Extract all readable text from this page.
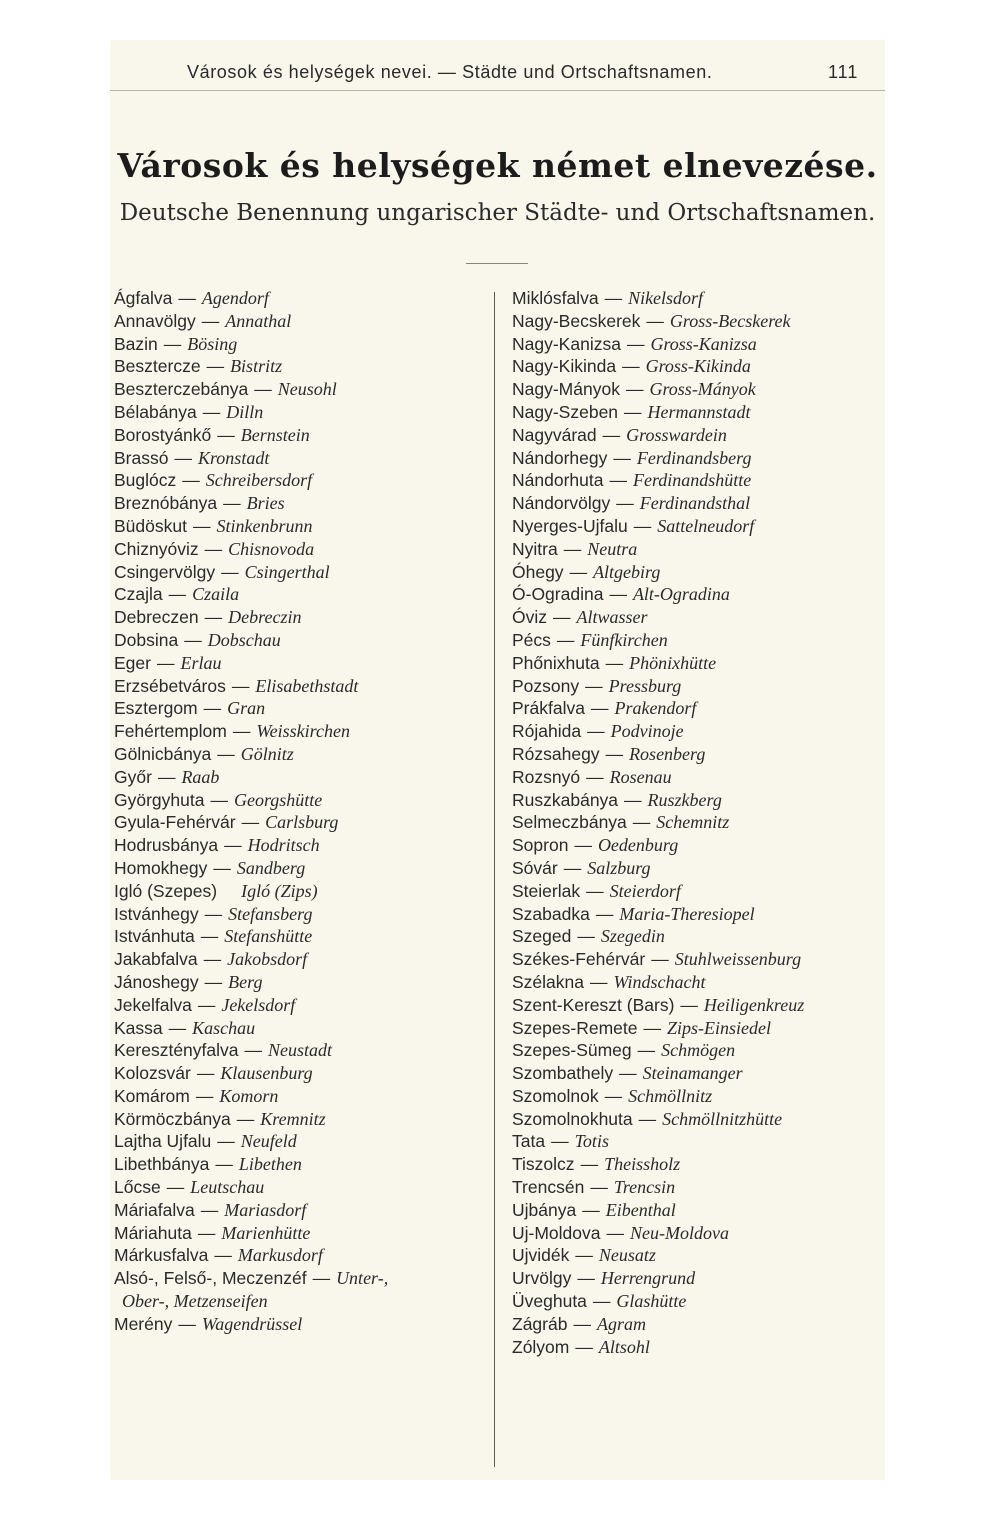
Városok és helységek nevei. — Städte und Ortschaftsnamen.	111
Városok és helységek német elnevezése.
Deutsche Benennung ungarischer Städte- und Ortschaftsnamen.
Ágfalva — Agendorf
Annavölgy — Annathal
Bazin — Bösing
Besztercze — Bistritz
Beszterczebánya — Neusohl
Bélabánya — Dilln
Borostyánkő — Bernstein
Brassó — Kronstadt
Buglócz — Schreibersdorf
Breznóbánya — Bries
Büdöskut — Stinkenbrunn
Chiznyóviz — Chisnovoda
Csingervölgy — Csingerthal
Czajla — Czaila
Debreczen — Debreczin
Dobsina — Dobschau
Eger — Erlau
Erzsébetváros — Elisabethstadt
Esztergom — Gran
Fehértemplom — Weisskirchen
Gölnicbánya — Gölnitz
Győr — Raab
Györgyhuta — Georgshütte
Gyula-Fehérvár — Carlsburg
Hodrusbánya — Hodritsch
Homokhegy — Sandberg
Igló (Szepes) Igló (Zips)
Istvánhegy — Stefansberg
Istvánhuta — Stefanshütte
Jakabfalva — Jakobsdorf
Jánoshegy — Berg
Jekelfalva — Jekelsdorf
Kassa — Kaschau
Keresztényfalva — Neustadt
Kolozsvár — Klausenburg
Komárom — Komorn
Körmöczbánya — Kremnitz
Lajtha Ujfalu — Neufeld
Libethbánya — Libethen
Lőcse — Leutschau
Máriafalva — Mariasdorf
Máriahuta — Marienhütte
Márkusfalva — Markusdorf
Alsó-, Felső-, Meczenzéf — Unter-,
Ober-, Metzenseifen
Merény — Wagendrüssel
Miklósfalva — Nikelsdorf
Nagy-Becskerek — Gross-Becskerek
Nagy-Kanizsa — Gross-Kanizsa
Nagy-Kikinda — Gross-Kikinda
Nagy-Mányok — Gross-Mányok
Nagy-Szeben — Hermannstadt
Nagyvárad — Grosswardein
Nándorhegy — Ferdinandsberg
Nándorhuta — Ferdinandshütte
Nándorvölgy — Ferdinandsthal
Nyerges-Ujfalu — Sattelneudorf
Nyitra — Neutra
Óhegy — Altgebirg
Ó-Ogradina — Alt-Ogradina
Óviz — Altwasser
Pécs — Fünfkirchen
Phőnixhuta — Phönixhütte
Pozsony — Pressburg
Prákfalva — Prakendorf
Rójahida — Podvinoje
Rózsahegy — Rosenberg
Rozsnyó — Rosenau
Ruszkabánya — Ruszkberg
Selmeczbánya — Schemnitz
Sopron — Oedenburg
Sóvár — Salzburg
Steierlak — Steierdorf
Szabadka — Maria-Theresiopel
Szeged — Szegedin
Székes-Fehérvár — Stuhlweissenburg
Szélakna — Windschacht
Szent-Kereszt (Bars) — Heiligenkreuz
Szepes-Remete — Zips-Einsiedel
Szepes-Sümeg — Schmögen
Szombathely — Steinamanger
Szomolnok — Schmöllnitz
Szomolnokhuta — Schmöllnitzhütte
Tata — Totis
Tiszolcz — Theissholz
Trencsén — Trencsin
Ujbánya — Eibenthal
Uj-Moldova — Neu-Moldova
Ujvidék — Neusatz
Urvölgy — Herrengrund
Üveghuta — Glashütte
Zágráb — Agram
Zólyom — Altsohl
